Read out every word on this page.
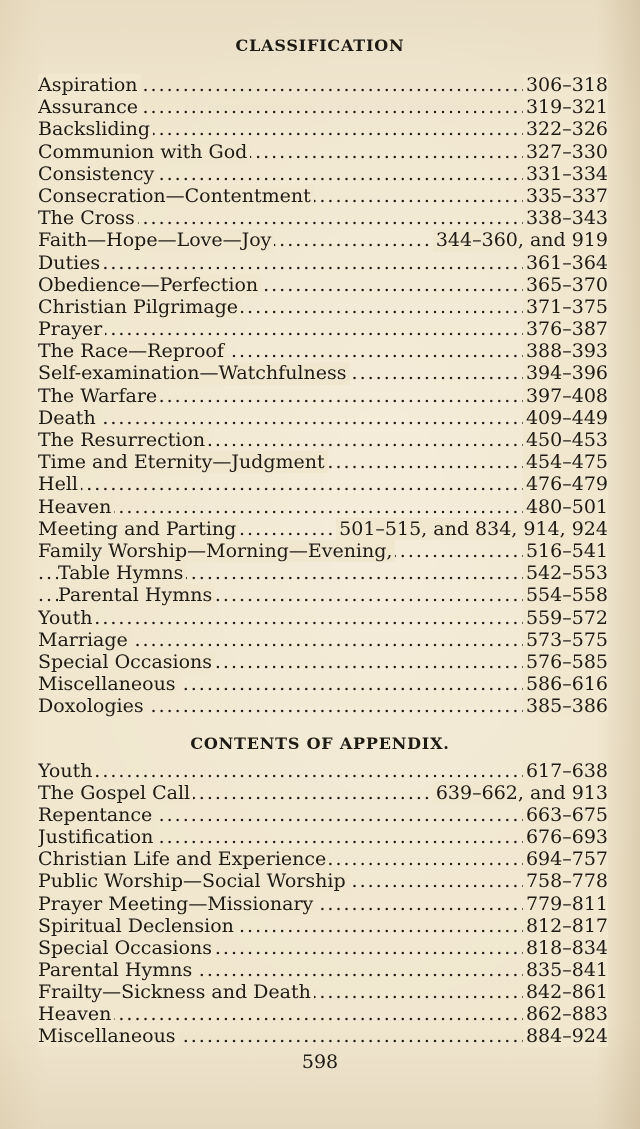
CLASSIFICATION
.....
Aspiration	306–318
.....
Assurance	319–321
.....
Backsliding	322–326
.....
Communion with God	327–330
.....
Consistency	331–334
.....
Consecration—Contentment	335–337
.....
The Cross	338–343
.....
Faith—Hope—Love—Joy	344–360, and 919
.....
Duties	361–364
.....
Obedience—Perfection	365–370
.....
Christian Pilgrimage	371–375
.....
Prayer	376–387
.....
The Race—Reproof	388–393
.....
Self-examination—Watchfulness	394–396
.....
The Warfare	397–408
.....
Death	409–449
.....
The Resurrection	450–453
.....
Time and Eternity—Judgment	454–475
.....
Hell	476–479
.....
Heaven	480–501
.....
Meeting and Parting	501–515, and 834, 914, 924
.....
Family Worship—Morning—Evening,	516–541
.....
Table Hymns	542–553
.....
Parental Hymns	554–558
.....
Youth	559–572
.....
Marriage	573–575
.....
Special Occasions	576–585
.....
Miscellaneous	586–616
.....
Doxologies	385–386
CONTENTS OF APPENDIX.
.....
Youth	617–638
.....
The Gospel Call	639–662, and 913
.....
Repentance	663–675
.....
Justification	676–693
.....
Christian Life and Experience	694–757
.....
Public Worship—Social Worship	758–778
.....
Prayer Meeting—Missionary	779–811
.....
Spiritual Declension	812–817
.....
Special Occasions	818–834
.....
Parental Hymns	835–841
.....
Frailty—Sickness and Death	842–861
.....
Heaven	862–883
.....
Miscellaneous	884–924
598
